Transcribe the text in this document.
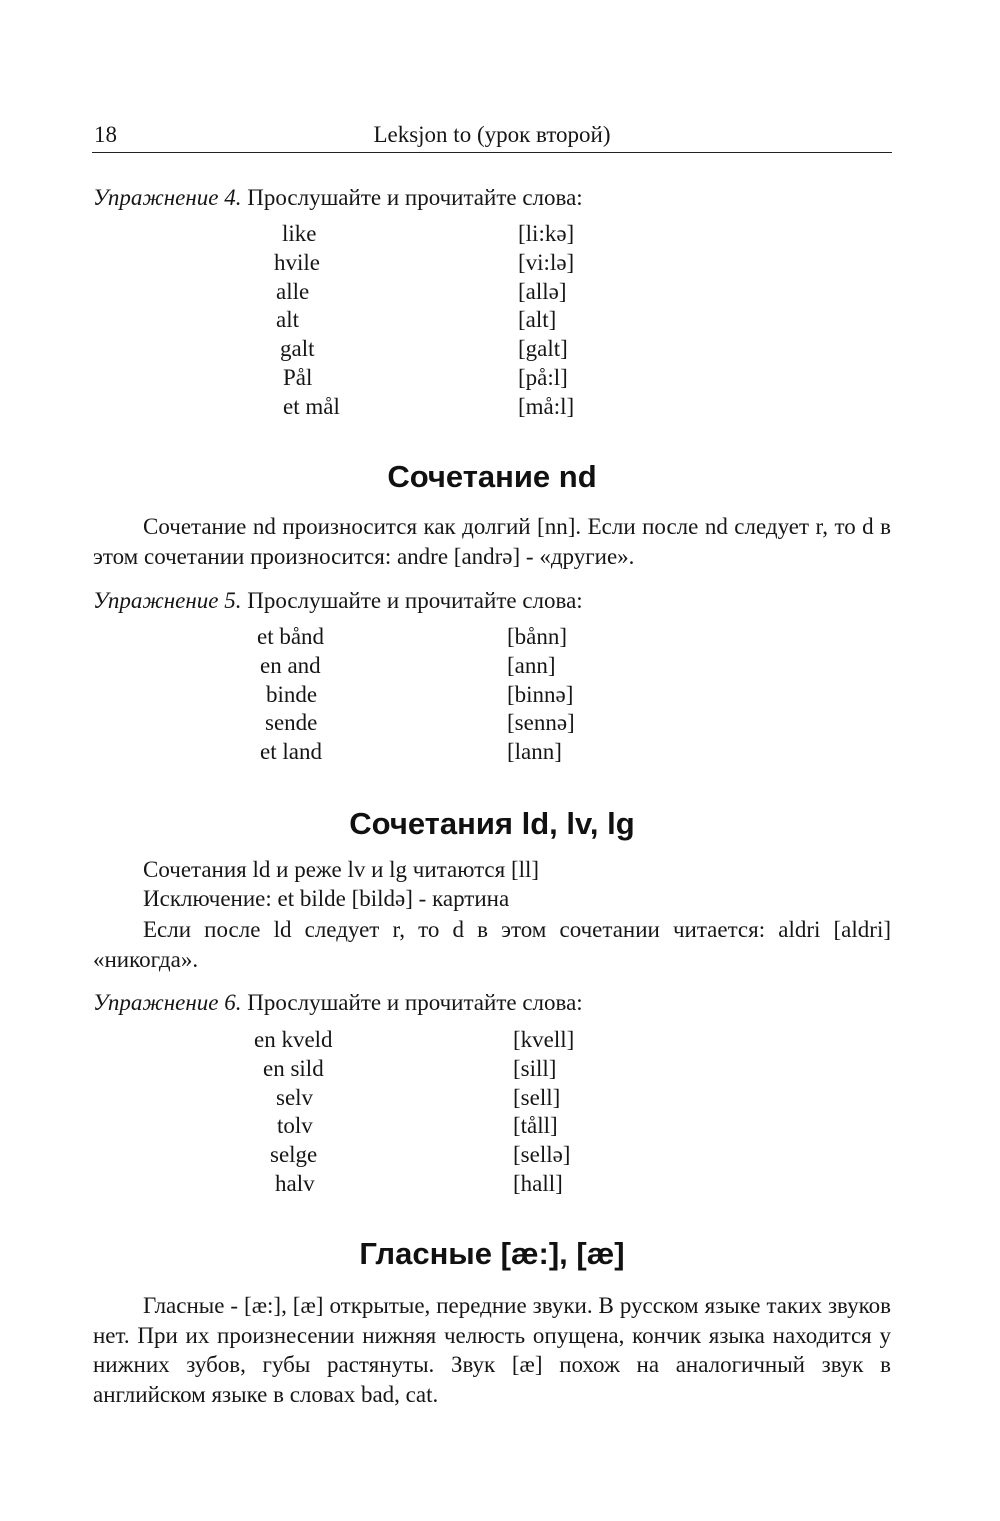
18	Leksjon to (урок второй)
Упражнение 4. Прослушайте и прочитайте слова:
like	[li:kə]
hvile	[vi:lə]
alle	[allə]
alt	[alt]
galt	[galt]
Pål	[på:l]
et mål	[må:l]
Сочетание nd

Сочетание nd произносится как долгий [nn]. Если после nd следует r, то d в этом сочетании произносится: andre [andrə] - «другие».

Упражнение 5. Прослушайте и прочитайте слова:
et bånd	[bånn]
en and	[ann]
binde	[binnə]
sende	[sennə]
et land	[lann]
Сочетания ld, lv, lg

Сочетания ld и реже lv и lg читаются [ll]

Исключение: et bilde [bildə] - картина

Если после ld следует r, то d в этом сочетании читается: aldri [aldri] «никогда».

Упражнение 6. Прослушайте и прочитайте слова:
en kveld	[kvell]
en sild	[sill]
selv	[sell]
tolv	[tåll]
selge	[sellə]
halv	[hall]
Гласные [æ:], [æ]

Гласные - [æ:], [æ] открытые, передние звуки. В русском языке таких звуков нет. При их произнесении нижняя челюсть опущена, кончик языка находится у нижних зубов, губы растянуты. Звук [æ] похож на аналогичный звук в английском языке в словах bad, cat.
